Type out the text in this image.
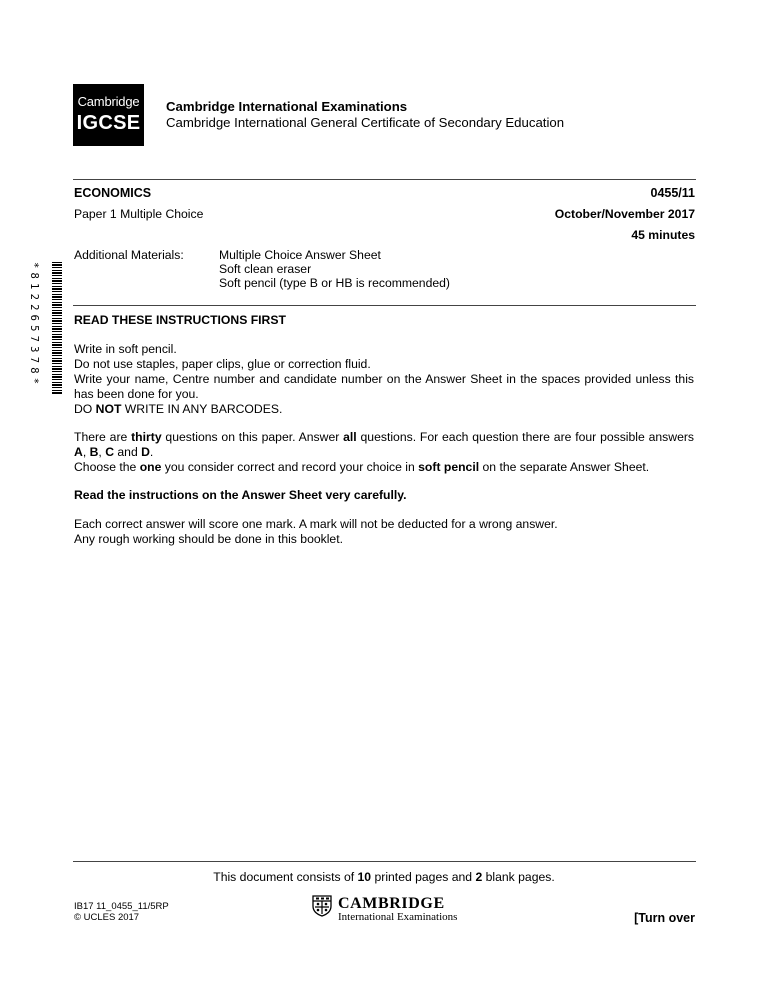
Cambridge
IGCSE
Cambridge International Examinations
Cambridge International General Certificate of Secondary Education
ECONOMICS	0455/11
Paper 1 Multiple Choice	October/November 2017
45 minutes
Additional Materials:	Multiple Choice Answer Sheet
Soft clean eraser
Soft pencil (type B or HB is recommended)
*8122657378*	READ THESE INSTRUCTIONS FIRST

Write in soft pencil.

Do not use staples, paper clips, glue or correction fluid.

Write your name, Centre number and candidate number on the Answer Sheet in the spaces provided unless this has been done for you.

DO NOT WRITE IN ANY BARCODES.

There are thirty questions on this paper. Answer all questions. For each question there are four possible answers A, B, C and D.

Choose the one you consider correct and record your choice in soft pencil on the separate Answer Sheet.

Read the instructions on the Answer Sheet very carefully.

Each correct answer will score one mark. A mark will not be deducted for a wrong answer.

Any rough working should be done in this booklet.

This document consists of 10 printed pages and 2 blank pages.
IB17 11_0455_11/5RP
© UCLES 2017
CAMBRIDGE
International Examinations	[Turn over
